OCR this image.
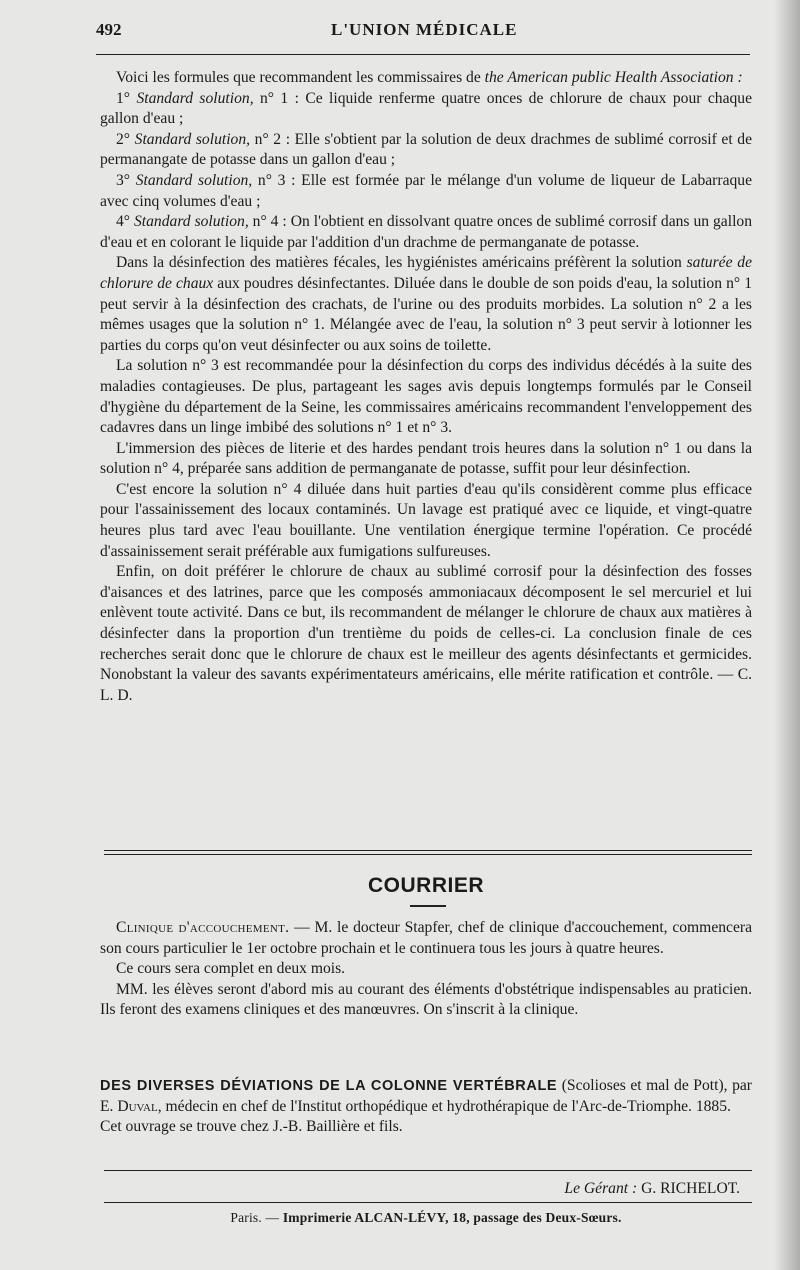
492	L'UNION MÉDICALE

Voici les formules que recommandent les commissaires de the American public Health Association :

1° Standard solution, n° 1 : Ce liquide renferme quatre onces de chlorure de chaux pour chaque gallon d'eau ;

2° Standard solution, n° 2 : Elle s'obtient par la solution de deux drachmes de sublimé corrosif et de permanangate de potasse dans un gallon d'eau ;

3° Standard solution, n° 3 : Elle est formée par le mélange d'un volume de liqueur de Labarraque avec cinq volumes d'eau ;

4° Standard solution, n° 4 : On l'obtient en dissolvant quatre onces de sublimé corrosif dans un gallon d'eau et en colorant le liquide par l'addition d'un drachme de permanganate de potasse.

Dans la désinfection des matières fécales, les hygiénistes américains préfèrent la solution saturée de chlorure de chaux aux poudres désinfectantes. Diluée dans le double de son poids d'eau, la solution n° 1 peut servir à la désinfection des crachats, de l'urine ou des produits morbides. La solution n° 2 a les mêmes usages que la solution n° 1. Mélangée avec de l'eau, la solution n° 3 peut servir à lotionner les parties du corps qu'on veut désinfecter ou aux soins de toilette.

La solution n° 3 est recommandée pour la désinfection du corps des individus décédés à la suite des maladies contagieuses. De plus, partageant les sages avis depuis longtemps formulés par le Conseil d'hygiène du département de la Seine, les commissaires américains recommandent l'enveloppement des cadavres dans un linge imbibé des solutions n° 1 et n° 3.

L'immersion des pièces de literie et des hardes pendant trois heures dans la solution n° 1 ou dans la solution n° 4, préparée sans addition de permanganate de potasse, suffit pour leur désinfection.

C'est encore la solution n° 4 diluée dans huit parties d'eau qu'ils considèrent comme plus efficace pour l'assainissement des locaux contaminés. Un lavage est pratiqué avec ce liquide, et vingt-quatre heures plus tard avec l'eau bouillante. Une ventilation énergique termine l'opération. Ce procédé d'assainissement serait préférable aux fumigations sulfureuses.

Enfin, on doit préférer le chlorure de chaux au sublimé corrosif pour la désinfection des fosses d'aisances et des latrines, parce que les composés ammoniacaux décomposent le sel mercuriel et lui enlèvent toute activité. Dans ce but, ils recommandent de mélanger le chlorure de chaux aux matières à désinfecter dans la proportion d'un trentième du poids de celles-ci. La conclusion finale de ces recherches serait donc que le chlorure de chaux est le meilleur des agents désinfectants et germicides. Nonobstant la valeur des savants expérimentateurs américains, elle mérite ratification et contrôle. — C. L. D.

COURRIER

Clinique d'accouchement. — M. le docteur Stapfer, chef de clinique d'accouchement, commencera son cours particulier le 1er octobre prochain et le continuera tous les jours à quatre heures.

Ce cours sera complet en deux mois.

MM. les élèves seront d'abord mis au courant des éléments d'obstétrique indispensables au praticien. Ils feront des examens cliniques et des manœuvres. On s'inscrit à la clinique.

DES DIVERSES DÉVIATIONS DE LA COLONNE VERTÉBRALE (Scolioses et mal de Pott), par E. Duval, médecin en chef de l'Institut orthopédique et hydrothérapique de l'Arc-de-Triomphe. 1885.

Cet ouvrage se trouve chez J.-B. Baillière et fils.

Le Gérant : G. RICHELOT.
Paris. — Imprimerie ALCAN-LÉVY, 18, passage des Deux-Sœurs.
